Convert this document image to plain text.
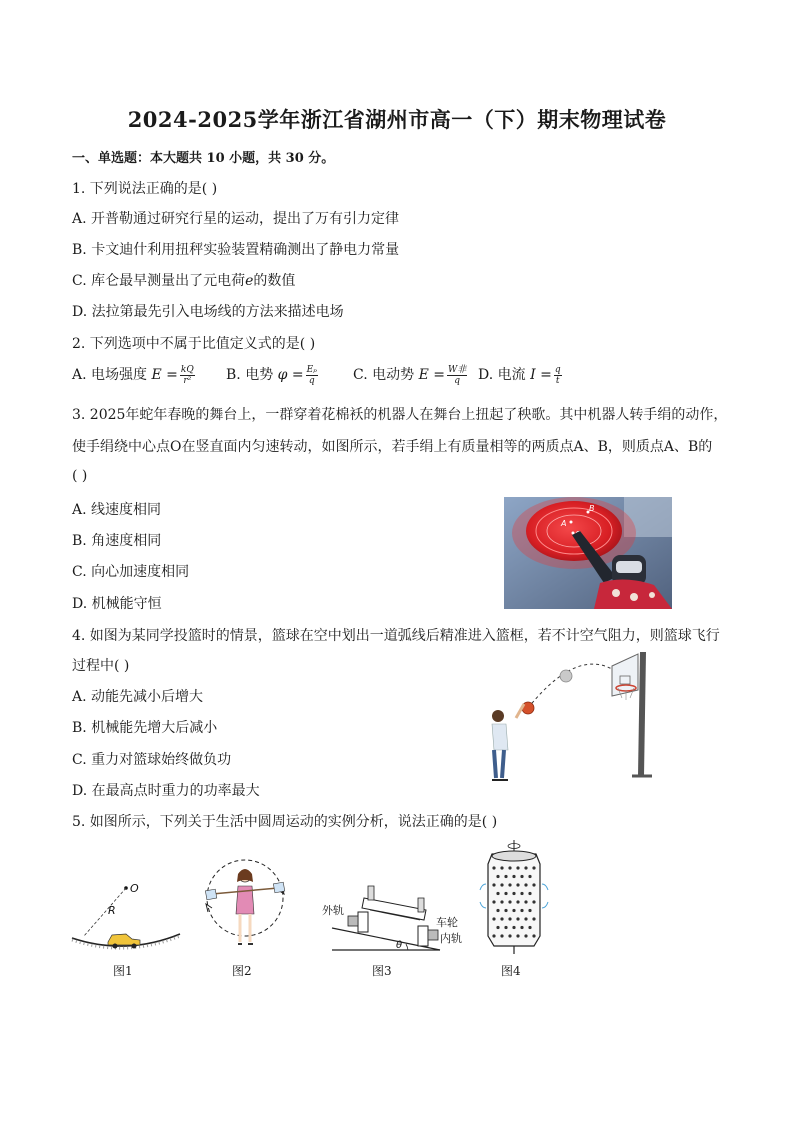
2024-2025学年浙江省湖州市高一（下）期末物理试卷
一、单选题：本大题共 10 小题，共 30 分。
1. 下列说法正确的是( )
A. 开普勒通过研究行星的运动，提出了万有引力定律
B. 卡文迪什利用扭秤实验装置精确测出了静电力常量
C. 库仑最早测量出了元电荷e的数值
D. 法拉第最先引入电场线的方法来描述电场
2. 下列选项中不属于比值定义式的是( )
A. 电场强度 $E = \frac{kQ}{\text{r²}} B$. 电势 $\varphi = \frac{\text{Eₚ}}{q}$	C. 电动势 $E = \frac{\text{W非}}{q} D$. 电流 $I = \frac{q}{t}$
3. 2025年蛇年春晚的舞台上，一群穿着花棉袄的机器人在舞台上扭起了秧歌。其中机器人转手绢的动作，
使手绢绕中心点O在竖直面内匀速转动，如图所示，若手绢上有质量相等的两质点A、B，则质点A、B的
( )
A. 线速度相同
B. 角速度相同
C. 向心加速度相同
D. 机械能守恒
A
B
4. 如图为某同学投篮时的情景，篮球在空中划出一道弧线后精准进入篮框，若不计空气阻力，则篮球飞行
过程中( )
A. 动能先减小后增大
B. 机械能先增大后减小
C. 重力对篮球始终做负功
D. 在最高点时重力的功率最大
5. 如图所示，下列关于生活中圆周运动的实例分析，说法正确的是( )
O
R
图1	图2
θ
外轨
车轮
内轨
图3	图4
